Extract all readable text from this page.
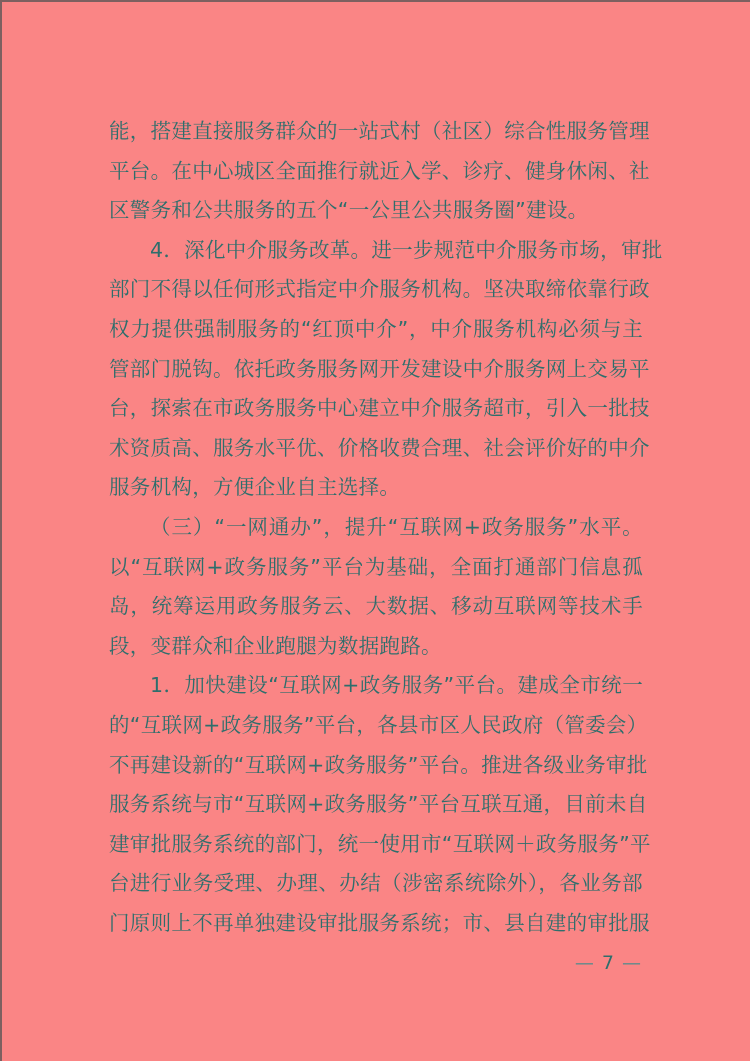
能，搭建直接服务群众的一站式村（社区）综合性服务管理
平台。在中心城区全面推行就近入学、诊疗、健身休闲、社
区警务和公共服务的五个“一公里公共服务圈”建设。
4．深化中介服务改革。进一步规范中介服务市场，审批
部门不得以任何形式指定中介服务机构。坚决取缔依靠行政
权力提供强制服务的“红顶中介”，中介服务机构必须与主
管部门脱钩。依托政务服务网开发建设中介服务网上交易平
台，探索在市政务服务中心建立中介服务超市，引入一批技
术资质高、服务水平优、价格收费合理、社会评价好的中介
服务机构，方便企业自主选择。
（三）“一网通办”，提升“互联网+政务服务”水平。
以“互联网+政务服务”平台为基础，全面打通部门信息孤
岛，统筹运用政务服务云、大数据、移动互联网等技术手
段，变群众和企业跑腿为数据跑路。
1．加快建设“互联网+政务服务”平台。建成全市统一
的“互联网+政务服务”平台，各县市区人民政府（管委会）
不再建设新的“互联网+政务服务”平台。推进各级业务审批
服务系统与市“互联网+政务服务”平台互联互通，目前未自
建审批服务系统的部门，统一使用市“互联网＋政务服务”平
台进行业务受理、办理、办结（涉密系统除外），各业务部
门原则上不再单独建设审批服务系统；市、县自建的审批服
— 7 —
